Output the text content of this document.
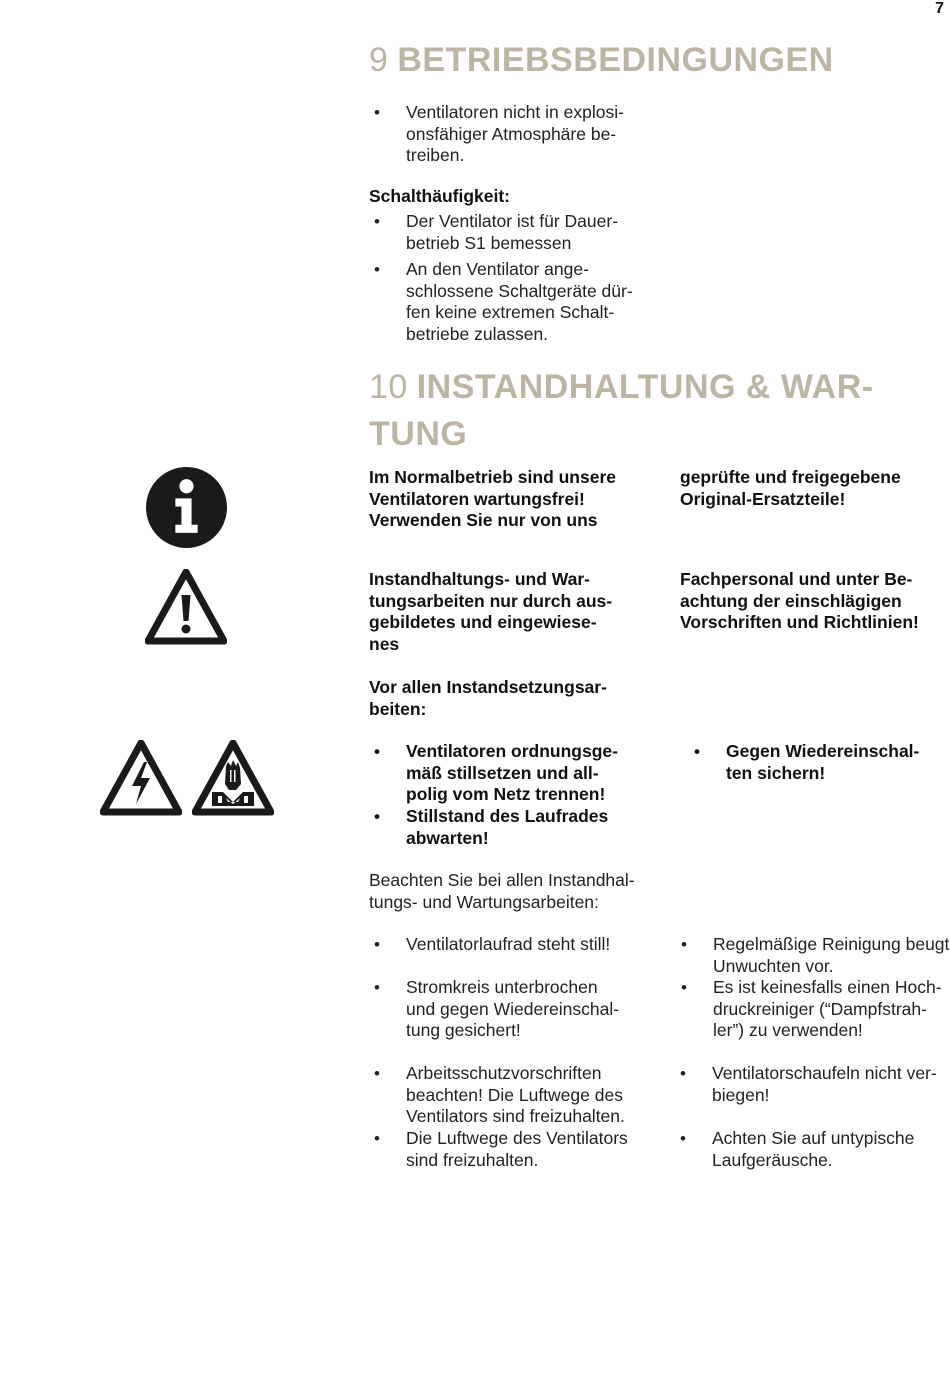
7
9 BETRIEBSBEDINGUNGEN
• Ventilatoren nicht in explosi-
onsfähiger Atmosphäre be-
treiben.
Schalthäufigkeit:
• Der Ventilator ist für Dauer-
betrieb S1 bemessen
• An den Ventilator ange-
schlossene Schaltgeräte dür-
fen keine extremen Schalt-
betriebe zulassen.
10 INSTANDHALTUNG & WAR-
TUNG
Im Normalbetrieb sind unsere
Ventilatoren wartungsfrei!
Verwenden Sie nur von uns
geprüfte und freigegebene
Original-Ersatzteile!
Instandhaltungs- und War-
tungsarbeiten nur durch aus-
gebildetes und eingewiese-
nes
Fachpersonal und unter Be-
achtung der einschlägigen
Vorschriften und Richtlinien!
Vor allen Instandsetzungsar-
beiten:
• Ventilatoren ordnungsge-
mäß stillsetzen und all-
polig vom Netz trennen!
• Stillstand des Laufrades
abwarten!
• Gegen Wiedereinschal-
ten sichern!
Beachten Sie bei allen Instandhal-
tungs- und Wartungsarbeiten:
• Ventilatorlaufrad steht still!
• Stromkreis unterbrochen
und gegen Wiedereinschal-
tung gesichert!
• Arbeitsschutzvorschriften
beachten! Die Luftwege des
Ventilators sind freizuhalten.
• Die Luftwege des Ventilators
sind freizuhalten.
• Regelmäßige Reinigung beugt
Unwuchten vor.
• Es ist keinesfalls einen Hoch-
druckreiniger (“Dampfstrah-
ler”) zu verwenden!
• Ventilatorschaufeln nicht ver-
biegen!
• Achten Sie auf untypische
Laufgeräusche.
